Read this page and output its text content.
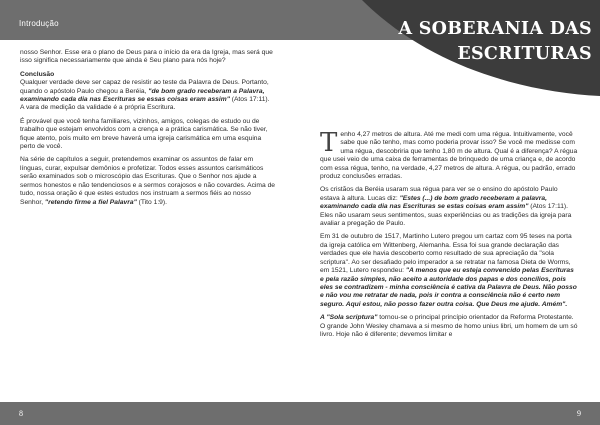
Introdução

nosso Senhor. Esse era o plano de Deus para o início da era da Igreja, mas será que isso significa necessariamente que ainda é Seu plano para nós hoje?

Conclusão
Qualquer verdade deve ser capaz de resistir ao teste da Palavra de Deus. Portanto, quando o apóstolo Paulo chegou a Beréia, "de bom grado receberam a Palavra, examinando cada dia nas Escrituras se essas coisas eram assim" (Atos 17:11). A vara de medição da validade é a própria Escritura.

É provável que você tenha familiares, vizinhos, amigos, colegas de estudo ou de trabalho que estejam envolvidos com a crença e a prática carismática. Se não tiver, fique atento, pois muito em breve haverá uma igreja carismática em uma esquina perto de você.

Na série de capítulos a seguir, pretendemos examinar os assuntos de falar em línguas, curar, expulsar demônios e profetizar. Todos esses assuntos carismáticos serão examinados sob o microscópio das Escrituras. Que o Senhor nos ajude a sermos honestos e não tendenciosos e a sermos corajosos e não covardes. Acima de tudo, nossa oração é que estes estudos nos instruam a sermos fiéis ao nosso Senhor, "retendo firme a fiel Palavra" (Tito 1:9).

8
A SOBERANIA DAS
ESCRITURAS

Tenho 4,27 metros de altura. Até me medi com uma régua. Intuitivamente, você sabe que não tenho, mas como poderia provar isso? Se você me medisse com uma régua, descobriria que tenho 1,80 m de altura. Qual é a diferença? A régua que usei veio de uma caixa de ferramentas de brinquedo de uma criança e, de acordo com essa régua, tenho, na verdade, 4,27 metros de altura. A régua, ou padrão, errado produz conclusões erradas.

Os cristãos da Beréia usaram sua régua para ver se o ensino do apóstolo Paulo estava à altura. Lucas diz: "Estes (...) de bom grado receberam a palavra, examinando cada dia nas Escrituras se estas coisas eram assim" (Atos 17:11). Eles não usaram seus sentimentos, suas experiências ou as tradições da igreja para avaliar a pregação de Paulo.

Em 31 de outubro de 1517, Martinho Lutero pregou um cartaz com 95 teses na porta da igreja católica em Wittenberg, Alemanha. Essa foi sua grande declaração das verdades que ele havia descoberto como resultado de sua apreciação da "sola scriptura". Ao ser desafiado pelo imperador a se retratar na famosa Dieta de Worms, em 1521, Lutero respondeu: "A menos que eu esteja convencido pelas Escrituras e pela razão simples, não aceito a autoridade dos papas e dos concílios, pois eles se contradizem - minha consciência é cativa da Palavra de Deus. Não posso e não vou me retratar de nada, pois ir contra a consciência não é certo nem seguro. Aqui estou, não posso fazer outra coisa. Que Deus me ajude. Amém".

A "Sola scriptura" tornou-se o principal princípio orientador da Reforma Protestante. O grande John Wesley chamava a si mesmo de homo unius libri, um homem de um só livro. Hoje não é diferente; devemos limitar e

9
